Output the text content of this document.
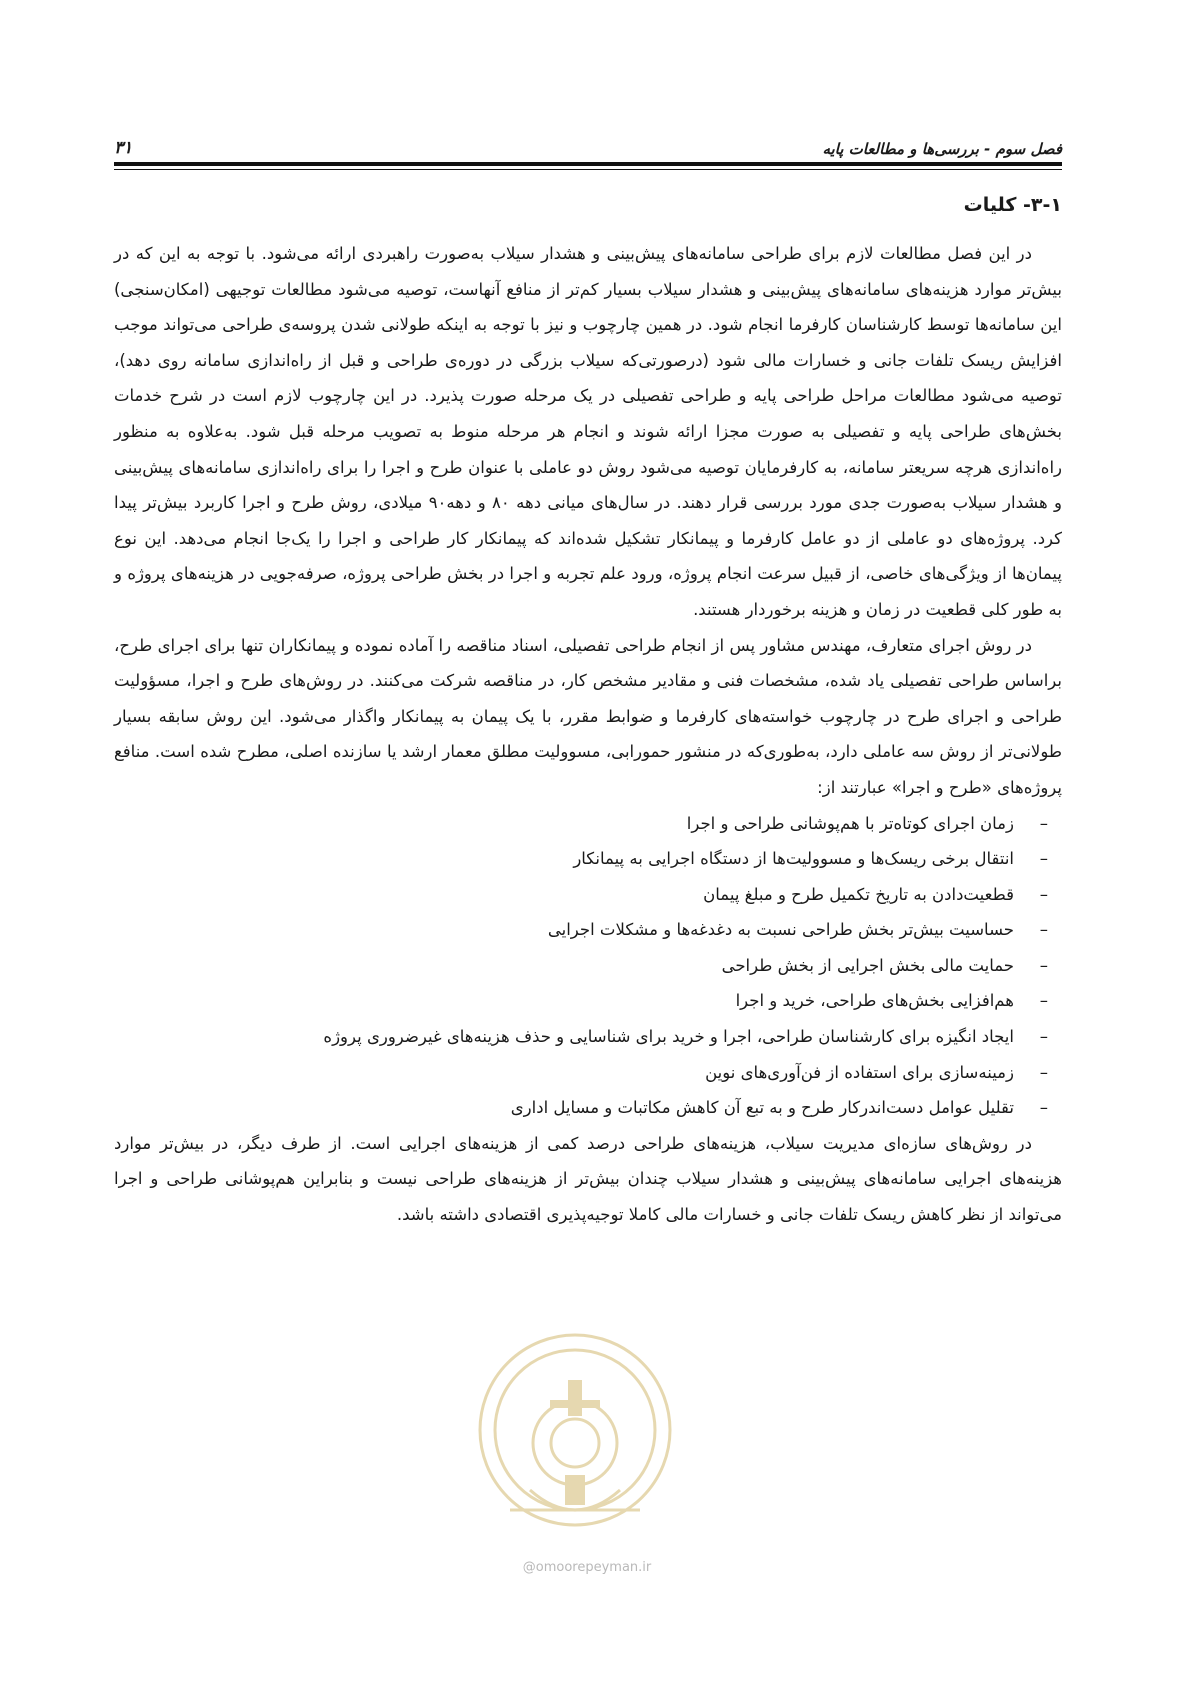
۳۱	فصل سوم - بررسی‌ها و مطالعات پایه
۳-۱- کلیات

در این فصل مطالعات لازم برای طراحی سامانه‌های پیش‌بینی و هشدار سیلاب به‌صورت راهبردی ارائه می‌شود. با توجه به این که در بیش‌تر موارد هزینه‌های سامانه‌های پیش‌بینی و هشدار سیلاب بسیار کم‌تر از منافع آنهاست، توصیه می‌شود مطالعات توجیهی (امکان‌سنجی) این سامانه‌ها توسط کارشناسان کارفرما انجام شود. در همین چارچوب و نیز با توجه به اینکه طولانی شدن پروسه‌ی طراحی می‌تواند موجب افزایش ریسک تلفات جانی و خسارات مالی شود (درصورتی‌که سیلاب بزرگی در دوره‌ی طراحی و قبل از راه‌اندازی سامانه روی دهد)، توصیه می‌شود مطالعات مراحل طراحی پایه و طراحی تفصیلی در یک مرحله صورت پذیرد. در این چارچوب لازم است در شرح خدمات بخش‌های طراحی پایه و تفصیلی به صورت مجزا ارائه شوند و انجام هر مرحله منوط به تصویب مرحله قبل شود. به‌علاوه به منظور راه‌اندازی هرچه سریعتر سامانه، به کارفرمایان توصیه می‌شود روش دو عاملی با عنوان طرح و اجرا را برای راه‌اندازی سامانه‌های پیش‌بینی و هشدار سیلاب به‌صورت جدی مورد بررسی قرار دهند. در سال‌های میانی دهه ۸۰ و دهه۹۰ میلادی، روش طرح و اجرا کاربرد بیش‌تر پیدا کرد. پروژه‌های دو عاملی از دو عامل کارفرما و پیمانکار تشکیل شده‌اند که پیمانکار کار طراحی و اجرا را یک‌جا انجام می‌دهد. این نوع پیمان‌ها از ویژگی‌های خاصی، از قبیل سرعت انجام پروژه، ورود علم تجربه و اجرا در بخش طراحی پروژه، صرفه‌جویی در هزینه‌های پروژه و به طور کلی قطعیت در زمان و هزینه برخوردار هستند.

در روش اجرای متعارف، مهندس مشاور پس از انجام طراحی تفصیلی، اسناد مناقصه را آماده نموده و پیمانکاران تنها برای اجرای طرح، براساس طراحی تفصیلی یاد شده، مشخصات فنی و مقادیر مشخص کار، در مناقصه شرکت می‌کنند. در روش‌های طرح و اجرا، مسؤولیت طراحی و اجرای طرح در چارچوب خواسته‌های کارفرما و ضوابط مقرر، با یک پیمان به پیمانکار واگذار می‌شود. این روش سابقه بسیار طولانی‌تر از روش سه عاملی دارد، به‌طوری‌که در منشور حمورابی، مسوولیت مطلق معمار ارشد یا سازنده اصلی، مطرح شده است. منافع پروژه‌های «طرح و اجرا» عبارتند از:

–زمان اجرای کوتاه‌تر با هم‌پوشانی طراحی و اجرا
–انتقال برخی ریسک‌ها و مسوولیت‌ها از دستگاه اجرایی به پیمانکار
–قطعیت‌دادن به تاریخ تکمیل طرح و مبلغ پیمان
–حساسیت بیش‌تر بخش طراحی نسبت به دغدغه‌ها و مشکلات اجرایی
–حمایت مالی بخش اجرایی از بخش طراحی
–هم‌افزایی بخش‌های طراحی، خرید و اجرا
–ایجاد انگیزه برای کارشناسان طراحی، اجرا و خرید برای شناسایی و حذف هزینه‌های غیرضروری پروژه
–زمینه‌سازی برای استفاده از فن‌آوری‌های نوین
–تقلیل عوامل دست‌اندرکار طرح و به تبع آن کاهش مکاتبات و مسایل اداری

در روش‌های سازه‌ای مدیریت سیلاب، هزینه‌های طراحی درصد کمی از هزینه‌های اجرایی است. از طرف دیگر، در بیش‌تر موارد هزینه‌های اجرایی سامانه‌های پیش‌بینی و هشدار سیلاب چندان بیش‌تر از هزینه‌های طراحی نیست و بنابراین هم‌پوشانی طراحی و اجرا می‌تواند از نظر کاهش ریسک تلفات جانی و خسارات مالی کاملا توجیه‌پذیری اقتصادی داشته باشد.

@omoorepeyman.ir
